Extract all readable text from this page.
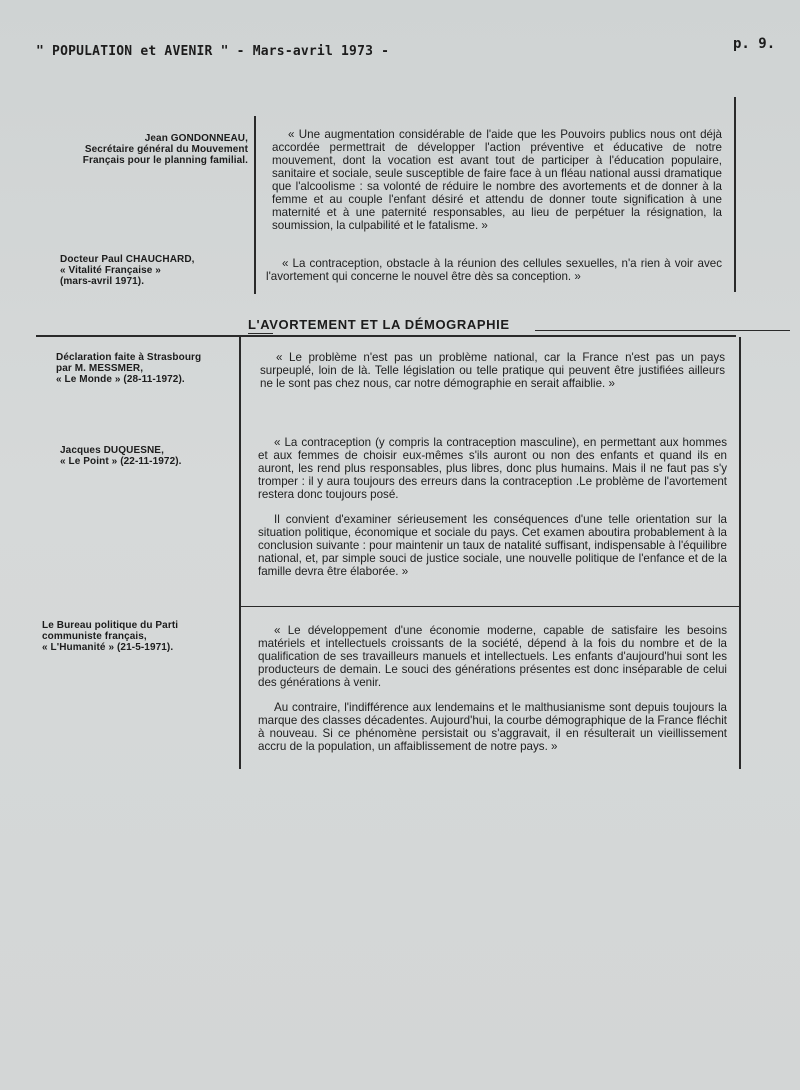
" POPULATION et AVENIR " - Mars-avril 1973 -	p. 9.
L'AVORTEMENT ET LA DÉMOGRAPHIE
Jean GONDONNEAU,
Secrétaire général du Mouvement
Français pour le planning familial.

« Une augmentation considérable de l'aide que les Pouvoirs publics nous ont déjà accordée permettrait de développer l'action préventive et éducative de notre mouvement, dont la vocation est avant tout de participer à l'éducation populaire, sanitaire et sociale, seule susceptible de faire face à un fléau national aussi dramatique que l'alcoolisme : sa volonté de réduire le nombre des avortements et de donner à la femme et au couple l'enfant désiré et attendu de donner toute signification à une maternité et à une paternité responsables, au lieu de perpétuer la résignation, la soumission, la culpabilité et le fatalisme. »

Docteur Paul CHAUCHARD,
« Vitalité Française »
(mars-avril 1971).

« La contraception, obstacle à la réunion des cellules sexuelles, n'a rien à voir avec l'avortement qui concerne le nouvel être dès sa conception. »

Déclaration faite à Strasbourg
par M. MESSMER,
« Le Monde » (28-11-1972).

« Le problème n'est pas un problème national, car la France n'est pas un pays surpeuplé, loin de là. Telle législation ou telle pratique qui peuvent être justifiées ailleurs ne le sont pas chez nous, car notre démographie en serait affaiblie. »

Jacques DUQUESNE,
« Le Point » (22-11-1972).

« La contraception (y compris la contraception masculine), en permettant aux hommes et aux femmes de choisir eux-mêmes s'ils auront ou non des enfants et quand ils en auront, les rend plus responsables, plus libres, donc plus humains. Mais il ne faut pas s'y tromper : il y aura toujours des erreurs dans la contraception .Le problème de l'avortement restera donc toujours posé.

Il convient d'examiner sérieusement les conséquences d'une telle orientation sur la situation politique, économique et sociale du pays. Cet examen aboutira probablement à la conclusion suivante : pour maintenir un taux de natalité suffisant, indispensable à l'équilibre national, et, par simple souci de justice sociale, une nouvelle politique de l'enfance et de la famille devra être élaborée. »

Le Bureau politique du Parti
communiste français,
« L'Humanité » (21-5-1971).

« Le développement d'une économie moderne, capable de satisfaire les besoins matériels et intellectuels croissants de la société, dépend à la fois du nombre et de la qualification de ses travailleurs manuels et intellectuels. Les enfants d'aujourd'hui sont les producteurs de demain. Le souci des générations présentes est donc inséparable de celui des générations à venir.

Au contraire, l'indifférence aux lendemains et le malthusianisme sont depuis toujours la marque des classes décadentes. Aujourd'hui, la courbe démographique de la France fléchit à nouveau. Si ce phénomène persistait ou s'aggravait, il en résulterait un vieillissement accru de la population, un affaiblissement de notre pays. »
